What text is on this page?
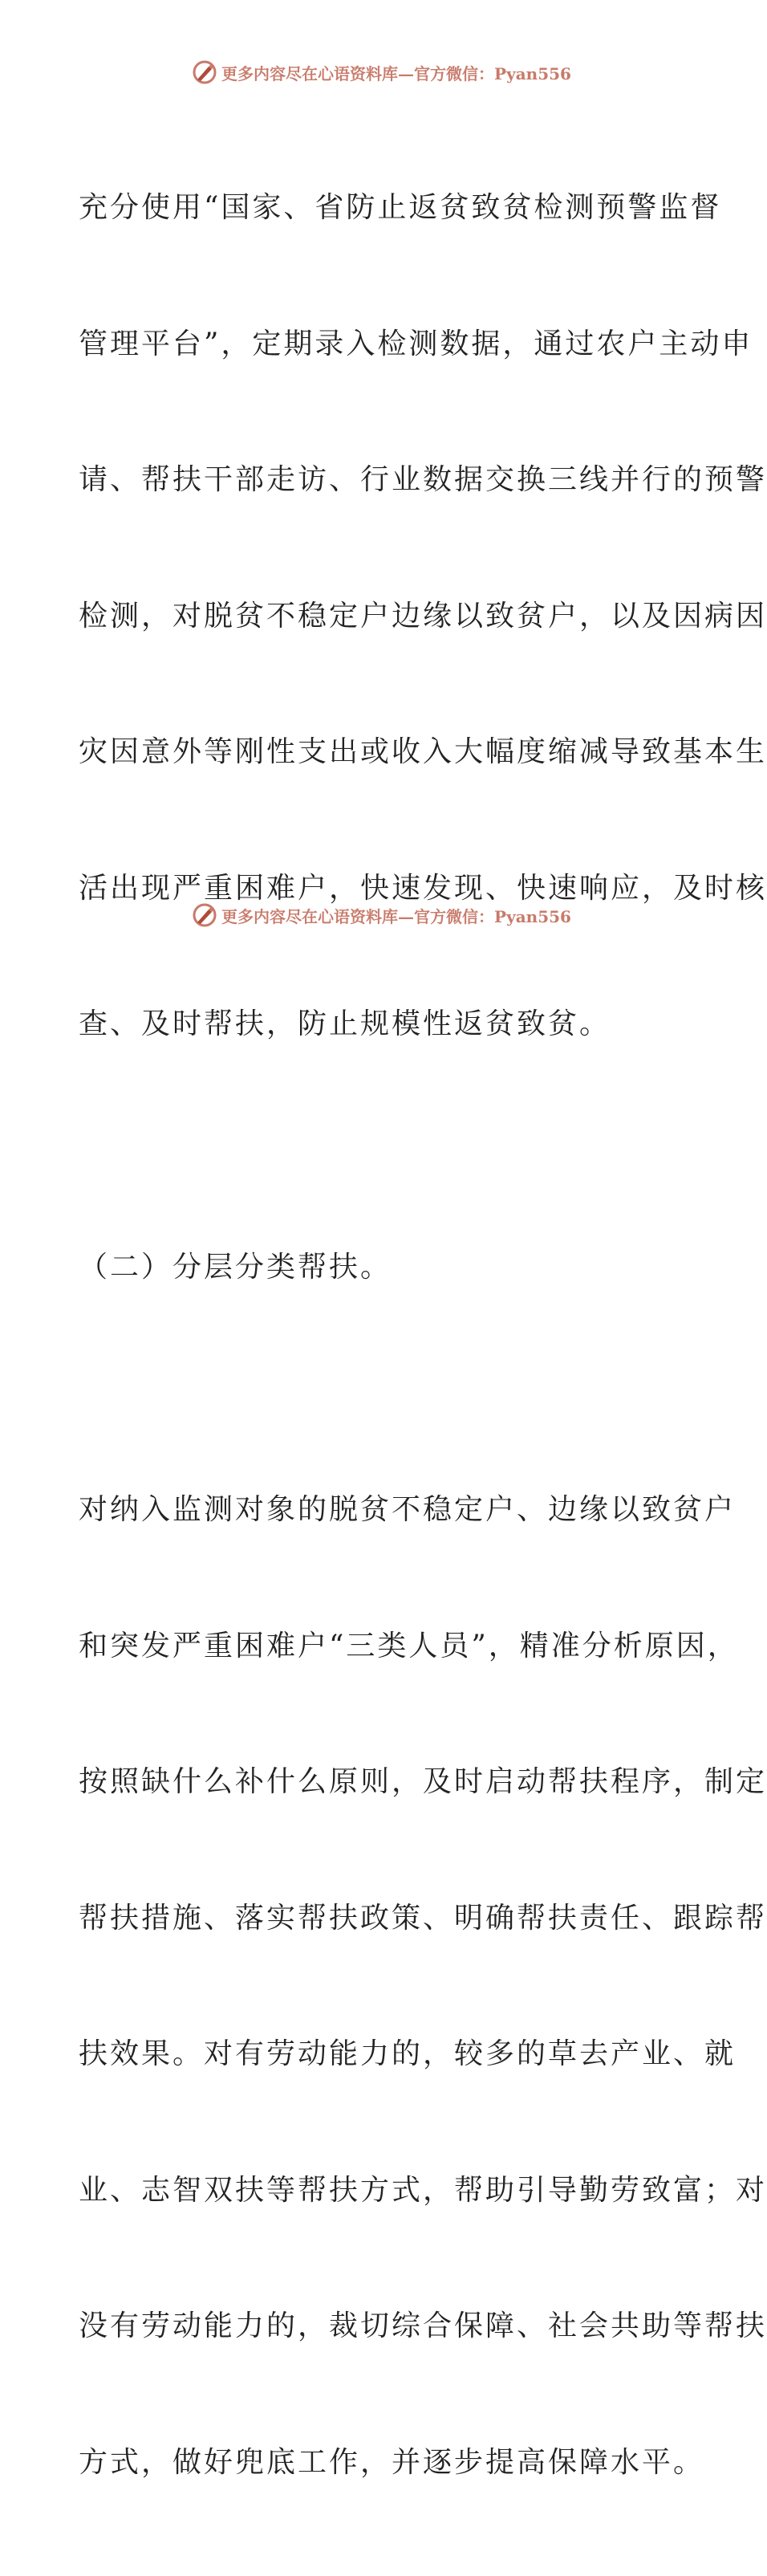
更多内容尽在心语资料库—官方微信：Pyan556

充分使用“国家、省防止返贫致贫检测预警监督

管理平台”，定期录入检测数据，通过农户主动申

请、帮扶干部走访、行业数据交换三线并行的预警

检测，对脱贫不稳定户边缘以致贫户，以及因病因

灾因意外等刚性支出或收入大幅度缩减导致基本生

活出现严重困难户，快速发现、快速响应，及时核

查、及时帮扶，防止规模性返贫致贫。

（二）分层分类帮扶。

对纳入监测对象的脱贫不稳定户、边缘以致贫户

和突发严重困难户“三类人员”，精准分析原因，

按照缺什么补什么原则，及时启动帮扶程序，制定

帮扶措施、落实帮扶政策、明确帮扶责任、跟踪帮

扶效果。对有劳动能力的，较多的草去产业、就

业、志智双扶等帮扶方式，帮助引导勤劳致富；对

没有劳动能力的，裁切综合保障、社会共助等帮扶

方式，做好兜底工作，并逐步提高保障水平。

更多内容尽在心语资料库—官方微信：Pyan556
